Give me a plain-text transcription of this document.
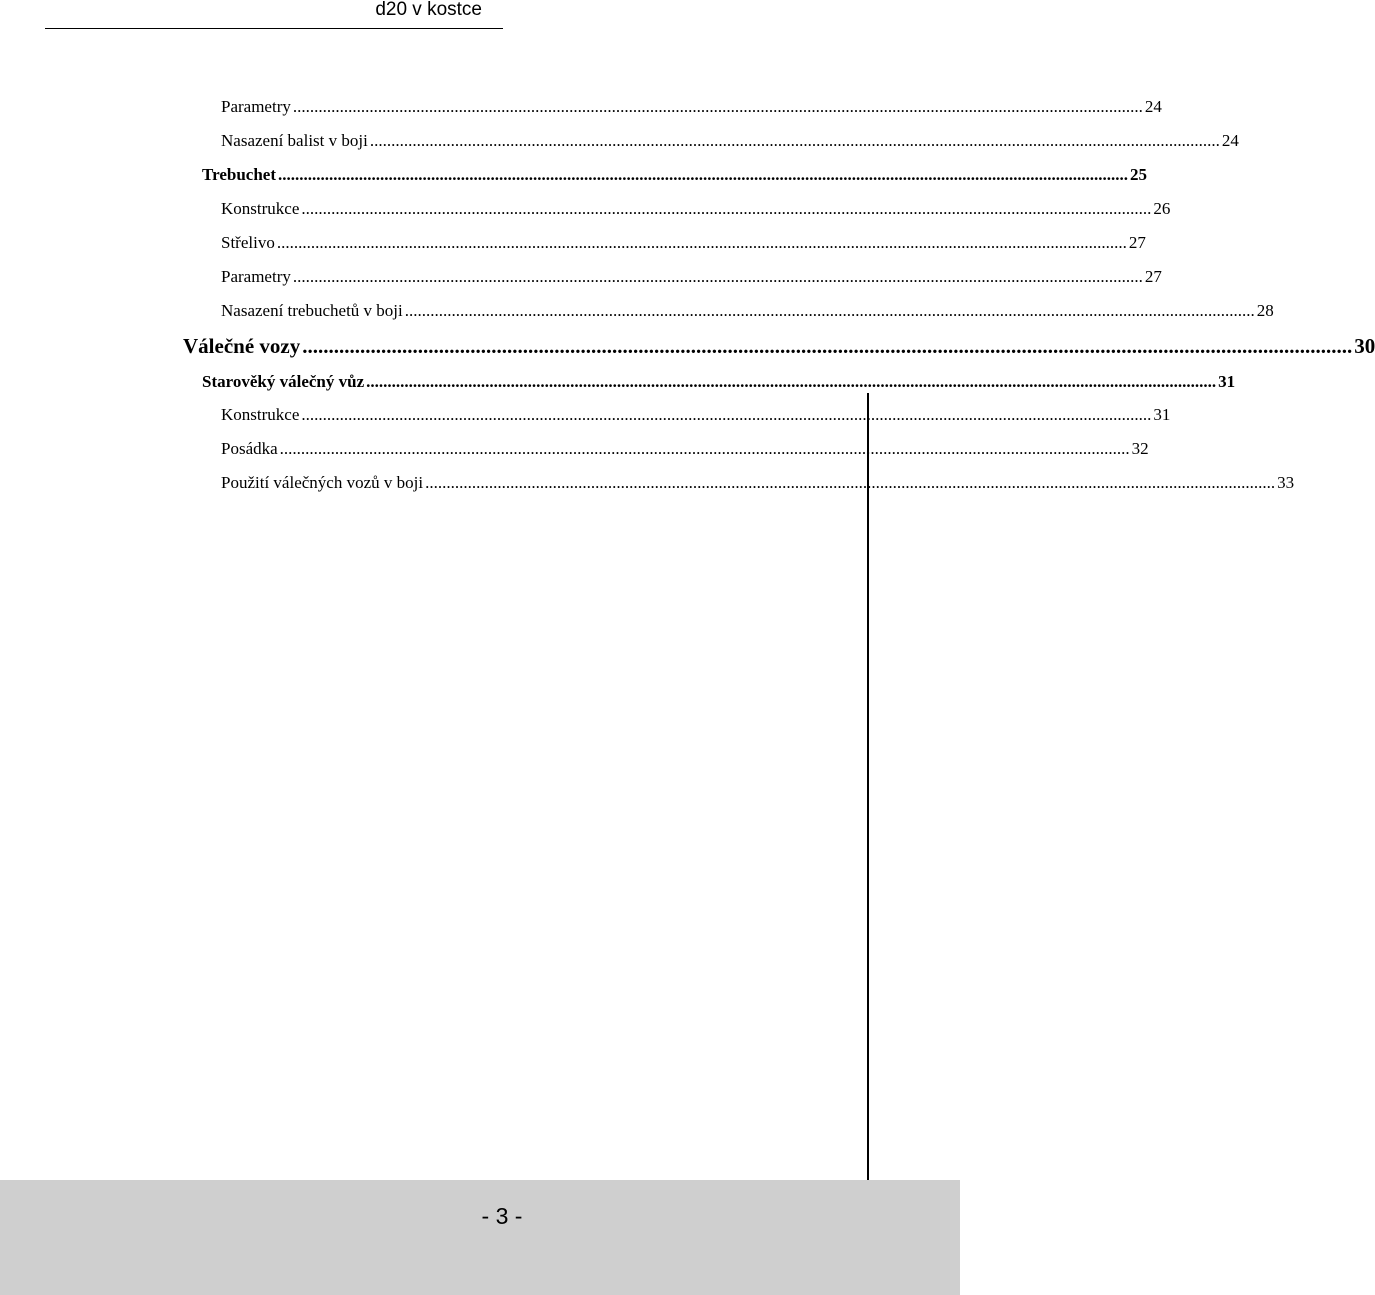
d20 v kostce
Parametry ........................................................................................................................................................................................................ 24
Nasazení balist v boji ........................................................................................................................................................................................................ 24
Trebuchet ........................................................................................................................................................................................................ 25
Konstrukce ........................................................................................................................................................................................................ 26
Střelivo ........................................................................................................................................................................................................ 27
Parametry ........................................................................................................................................................................................................ 27
Nasazení trebuchetů v boji ........................................................................................................................................................................................................ 28
Válečné vozy ........................................................................................................................................................................................................ 30
Starověký válečný vůz ........................................................................................................................................................................................................ 31
Konstrukce ........................................................................................................................................................................................................ 31
Posádka ........................................................................................................................................................................................................ 32
Použití válečných vozů v boji ........................................................................................................................................................................................................ 33
- 3 -
